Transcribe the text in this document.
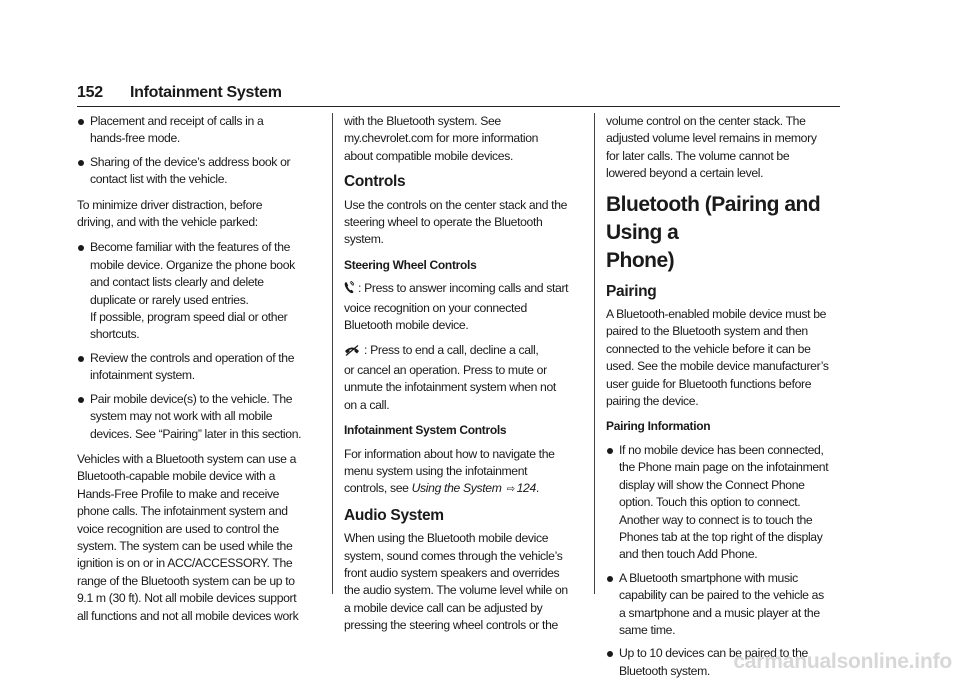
152 Infotainment System
Placement and receipt of calls in a
hands-free mode.
Sharing of the device’s address book or
contact list with the vehicle.

To minimize driver distraction, before
driving, and with the vehicle parked:

Become familiar with the features of the
mobile device. Organize the phone book
and contact lists clearly and delete
duplicate or rarely used entries.
If possible, program speed dial or other
shortcuts.
Review the controls and operation of the
infotainment system.
Pair mobile device(s) to the vehicle. The
system may not work with all mobile
devices. See “Pairing” later in this section.

Vehicles with a Bluetooth system can use a
Bluetooth-capable mobile device with a
Hands-Free Profile to make and receive
phone calls. The infotainment system and
voice recognition are used to control the
system. The system can be used while the
ignition is on or in ACC/ACCESSORY. The
range of the Bluetooth system can be up to
9.1 m (30 ft). Not all mobile devices support
all functions and not all mobile devices work

with the Bluetooth system. See
my.chevrolet.com for more information
about compatible mobile devices.

Controls

Use the controls on the center stack and the
steering wheel to operate the Bluetooth
system.

Steering Wheel Controls

: Press to answer incoming calls and start
voice recognition on your connected
Bluetooth mobile device.

: Press to end a call, decline a call,
or cancel an operation. Press to mute or
unmute the infotainment system when not
on a call.

Infotainment System Controls

For information about how to navigate the
menu system using the infotainment
controls, see Using the System ⇨ 124.

Audio System

When using the Bluetooth mobile device
system, sound comes through the vehicle’s
front audio system speakers and overrides
the audio system. The volume level while on
a mobile device call can be adjusted by
pressing the steering wheel controls or the

volume control on the center stack. The
adjusted volume level remains in memory
for later calls. The volume cannot be
lowered beyond a certain level.

Bluetooth (Pairing and Using a
Phone)
Pairing

A Bluetooth-enabled mobile device must be
paired to the Bluetooth system and then
connected to the vehicle before it can be
used. See the mobile device manufacturer’s
user guide for Bluetooth functions before
pairing the device.

Pairing Information
If no mobile device has been connected,
the Phone main page on the infotainment
display will show the Connect Phone
option. Touch this option to connect.
Another way to connect is to touch the
Phones tab at the top right of the display
and then touch Add Phone.
A Bluetooth smartphone with music
capability can be paired to the vehicle as
a smartphone and a music player at the
same time.
Up to 10 devices can be paired to the
Bluetooth system.	carmanualsonline.info
